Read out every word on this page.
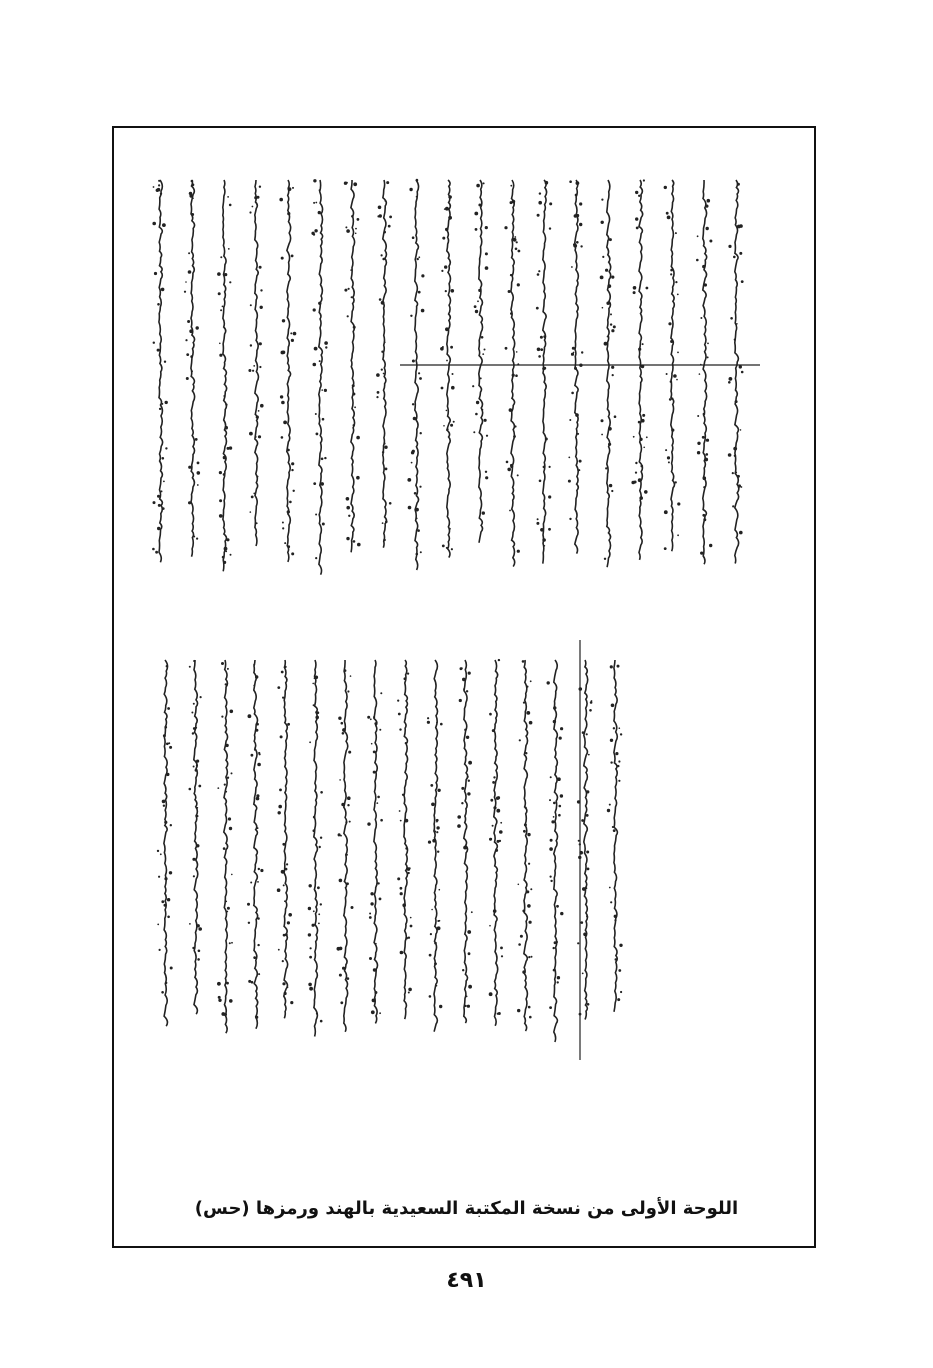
اللوحة الأولى من نسخة المكتبة السعيدية بالهند ورمزها (حس)
٤٩١
